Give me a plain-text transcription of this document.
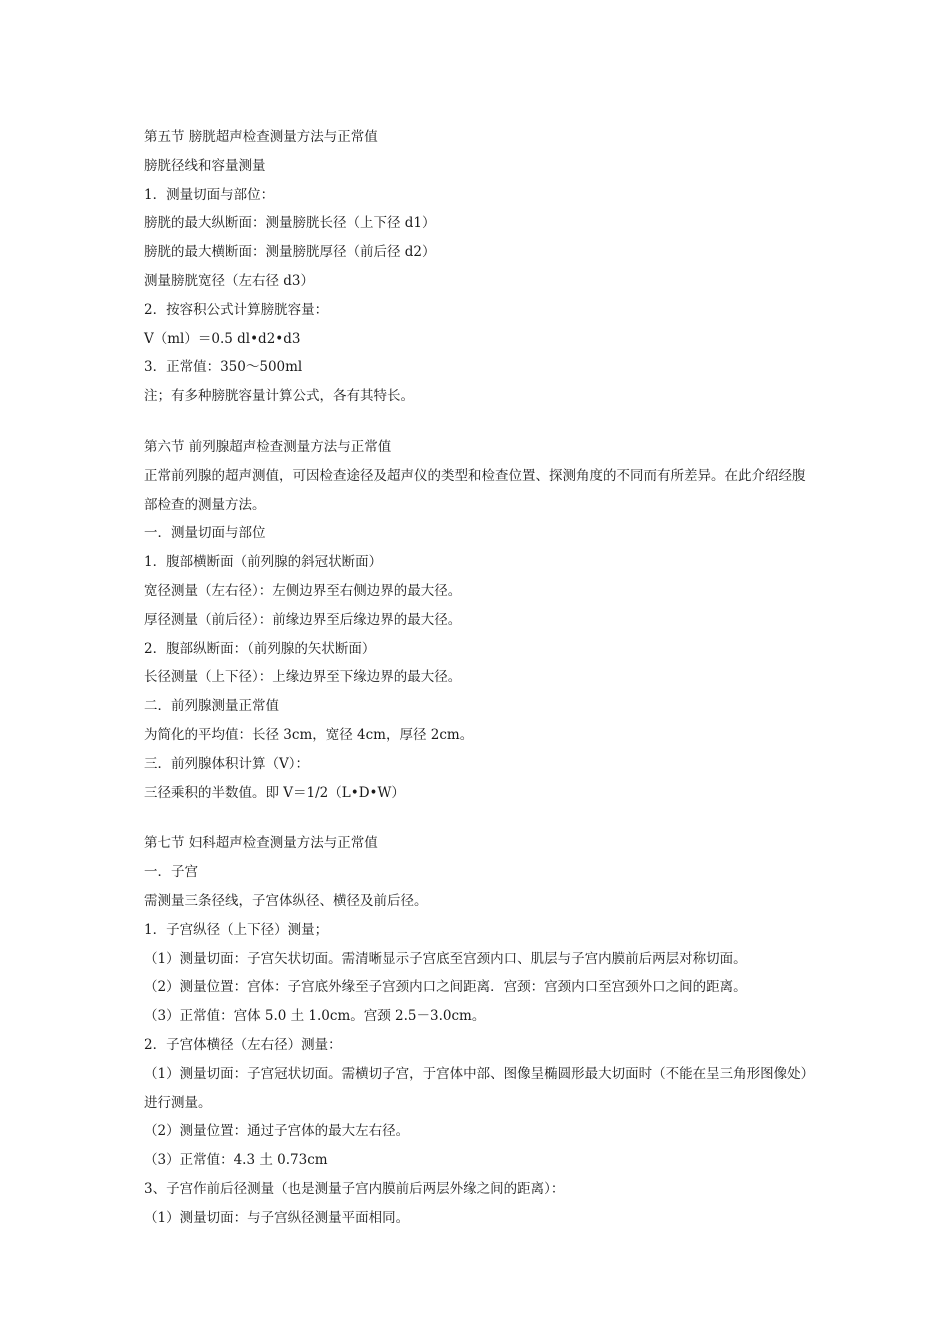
第五节 膀胱超声检查测量方法与正常值

膀胱径线和容量测量

1．测量切面与部位：

膀胱的最大纵断面：测量膀胱长径（上下径 d1）

膀胱的最大横断面：测量膀胱厚径（前后径 d2）

测量膀胱宽径（左右径 d3）

2．按容积公式计算膀胱容量：

V（ml）＝0.5 dl•d2•d3

3．正常值：350～500ml

注；有多种膀胱容量计算公式，各有其特长。

第六节 前列腺超声检查测量方法与正常值

正常前列腺的超声测值，可因检查途径及超声仪的类型和检查位置、探测角度的不同而有所差异。在此介绍经腹部检查的测量方法。

一．测量切面与部位

1．腹部横断面（前列腺的斜冠状断面）

宽径测量（左右径）：左侧边界至右侧边界的最大径。

厚径测量（前后径）：前缘边界至后缘边界的最大径。

2．腹部纵断面：（前列腺的矢状断面）

长径测量（上下径）：上缘边界至下缘边界的最大径。

二．前列腺测量正常值

为简化的平均值：长径 3cm，宽径 4cm，厚径 2cm。

三．前列腺体积计算（V）：

三径乘积的半数值。即 V＝1/2（L•D•W）

第七节 妇科超声检查测量方法与正常值

一．子宫

需测量三条径线，子宫体纵径、横径及前后径。

1．子宫纵径（上下径）测量；

（1）测量切面：子宫矢状切面。需清晰显示子宫底至宫颈内口、肌层与子宫内膜前后两层对称切面。

（2）测量位置：宫体：子宫底外缘至子宫颈内口之间距离．宫颈：宫颈内口至宫颈外口之间的距离。

（3）正常值：宫体 5.0 土 1.0cm。宫颈 2.5－3.0cm。

2．子宫体横径（左右径）测量：

（1）测量切面：子宫冠状切面。需横切子宫，于宫体中部、图像呈椭圆形最大切面时（不能在呈三角形图像处）进行测量。

（2）测量位置：通过子宫体的最大左右径。

（3）正常值：4.3 土 0.73cm

3、子宫作前后径测量（也是测量子宫内膜前后两层外缘之间的距离）：

（1）测量切面：与子宫纵径测量平面相同。
